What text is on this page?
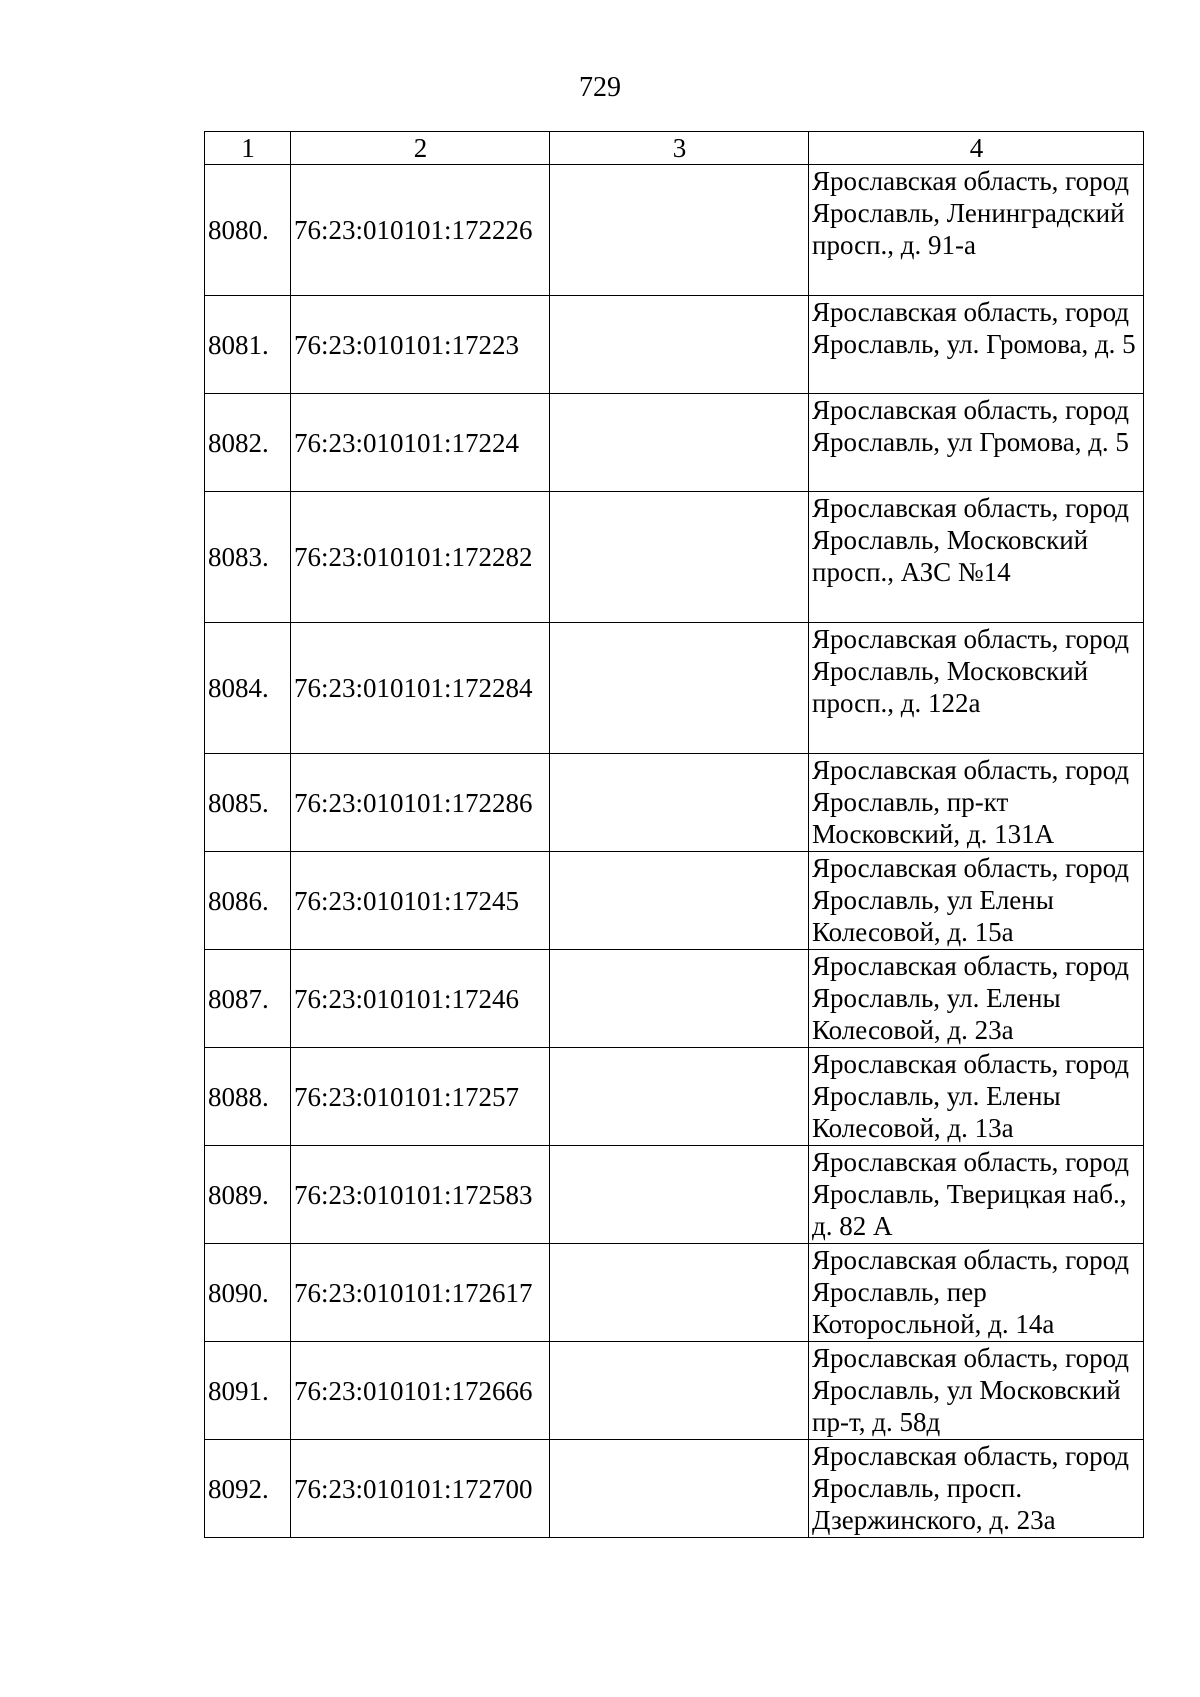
729
1	2	3	4
8080.	76:23:010101:172226		Ярославская область, город Ярославль, Ленинградский просп., д. 91-а
8081.	76:23:010101:17223		Ярославская область, город Ярославль, ул. Громова, д. 5
8082.	76:23:010101:17224		Ярославская область, город Ярославль, ул Громова, д. 5
8083.	76:23:010101:172282		Ярославская область, город Ярославль, Московский просп., АЗС №14
8084.	76:23:010101:172284		Ярославская область, город Ярославль, Московский просп., д. 122а
8085.	76:23:010101:172286		Ярославская область, город Ярославль, пр-кт Московский, д. 131А
8086.	76:23:010101:17245		Ярославская область, город Ярославль, ул Елены Колесовой, д. 15а
8087.	76:23:010101:17246		Ярославская область, город Ярославль, ул. Елены Колесовой, д. 23а
8088.	76:23:010101:17257		Ярославская область, город Ярославль, ул. Елены Колесовой, д. 13а
8089.	76:23:010101:172583		Ярославская область, город Ярославль, Тверицкая наб., д. 82 А
8090.	76:23:010101:172617		Ярославская область, город Ярославль, пер Которосльной, д. 14а
8091.	76:23:010101:172666		Ярославская область, город Ярославль, ул Московский пр-т, д. 58д
8092.	76:23:010101:172700		Ярославская область, город Ярославль, просп. Дзержинского, д. 23а
